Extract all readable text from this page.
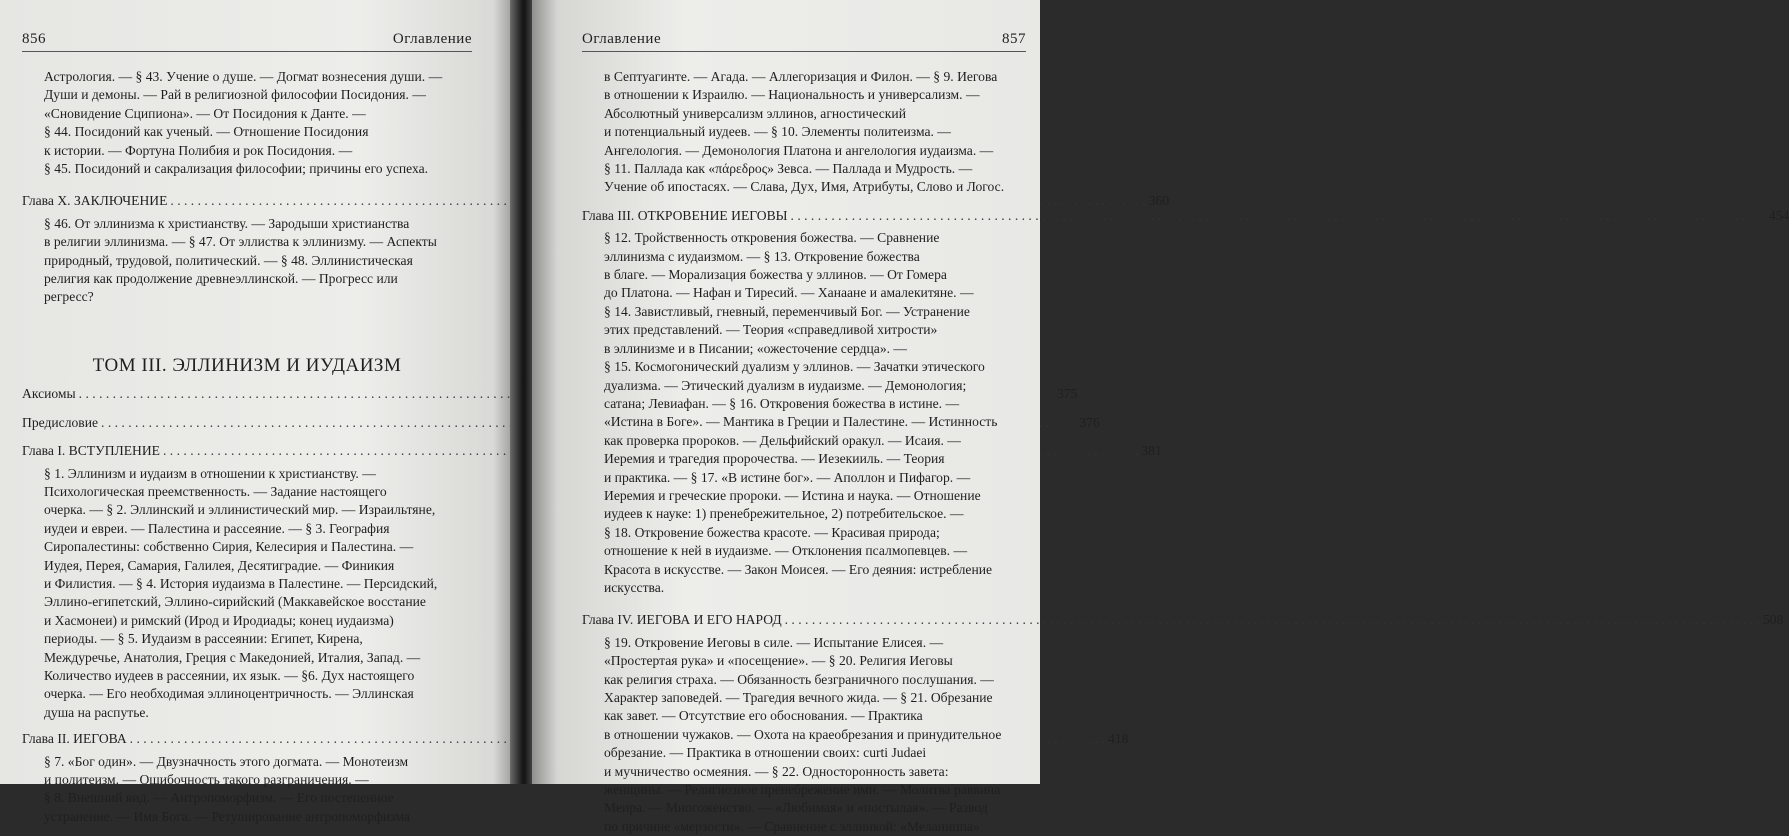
856	Оглавление

Астрология. — § 43. Учение о душе. — Догмат вознесения души. —

Души и демоны. — Рай в религиозной философии Посидония. —

«Сновидение Сципиона». — От Посидония к Данте. —

§ 44. Посидоний как ученый. — Отношение Посидония

к истории. — Фортуна Полибия и рок Посидония. —

§ 45. Посидоний и сакрализация философии; причины его успеха.

Глава X. ЗАКЛЮЧЕНИЕ . . .	360

§ 46. От эллинизма к христианству. — Зародыши христианства

в религии эллинизма. — § 47. От эллиства к эллинизму. — Аспекты

природный, трудовой, политический. — § 48. Эллинистическая

религия как продолжение древнеэллинской. — Прогресс или

регресс?

ТОМ III. ЭЛЛИНИЗМ И ИУДАИЗМ
Аксиомы . . .	375
Предисловие . . .	376
Глава I. ВСТУПЛЕНИЕ . . .	381

§ 1. Эллинизм и иудаизм в отношении к христианству. —

Психологическая преемственность. — Задание настоящего

очерка. — § 2. Эллинский и эллинистический мир. — Израильтяне,

иудеи и евреи. — Палестина и рассеяние. — § 3. География

Сиропалестины: собственно Сирия, Келесирия и Палестина. —

Иудея, Перея, Самария, Галилея, Десятиградие. — Финикия

и Филистия. — § 4. История иудаизма в Палестине. — Персидский,

Эллино-египетский, Эллино-сирийский (Маккавейское восстание

и Хасмонеи) и римский (Ирод и Иродиады; конец иудаизма)

периоды. — § 5. Иудаизм в рассеянии: Египет, Кирена,

Междуречье, Анатолия, Греция с Македонией, Италия, Запад. —

Количество иудеев в рассеянии, их язык. — §6. Дух настоящего

очерка. — Его необходимая эллиноцентричность. — Эллинская

душа на распутье.

Глава II. ИЕГОВА . . .	418

§ 7. «Бог один». — Двузначность этого догмата. — Монотеизм

и политеизм. — Ошибочность такого разграничения. —

§ 8. Внешний вид. — Антропоморфизм. — Его постепенное

устранение. — Имя Бога. — Ретуширование антропоморфизма

Оглавление	857

в Септуагинте. — Агада. — Аллегоризация и Филон. — § 9. Иегова

в отношении к Израилю. — Национальность и универсализм. —

Абсолютный универсализм эллинов, агностический

и потенциальный иудеев. — § 10. Элементы политеизма. —

Ангелология. — Демонология Платона и ангелология иудаизма. —

§ 11. Паллада как «πάρεδρος» Зевса. — Паллада и Мудрость. —

Учение об ипостасях. — Слава, Дух, Имя, Атрибуты, Слово и Логос.

Глава III. ОТКРОВЕНИЕ ИЕГОВЫ . . .	454

§ 12. Тройственность откровения божества. — Сравнение

эллинизма с иудаизмом. — § 13. Откровение божества

в благе. — Морализация божества у эллинов. — От Гомера

до Платона. — Нафан и Тиресий. — Ханаане и амалекитяне. —

§ 14. Завистливый, гневный, переменчивый Бог. — Устранение

этих представлений. — Теория «справедливой хитрости»

в эллинизме и в Писании; «ожесточение сердца». —

§ 15. Космогонический дуализм у эллинов. — Зачатки этического

дуализма. — Этический дуализм в иудаизме. — Демонология;

сатана; Левиафан. — § 16. Откровения божества в истине. —

«Истина в Боге». — Мантика в Греции и Палестине. — Истинность

как проверка пророков. — Дельфийский оракул. — Исаия. —

Иеремия и трагедия пророчества. — Иезекииль. — Теория

и практика. — § 17. «В истине бог». — Аполлон и Пифагор. —

Иеремия и греческие пророки. — Истина и наука. — Отношение

иудеев к науке: 1) пренебрежительное, 2) потребительское. —

§ 18. Откровение божества красоте. — Красивая природа;

отношение к ней в иудаизме. — Отклонения псалмопевцев. —

Красота в искусстве. — Закон Моисея. — Его деяния: истребление

искусства.

Глава IV. ИЕГОВА И ЕГО НАРОД . . .	508

§ 19. Откровение Иеговы в силе. — Испытание Елисея. —

«Простертая рука» и «посещение». — § 20. Религия Иеговы

как религия страха. — Обязанность безграничного послушания. —

Характер заповедей. — Трагедия вечного жида. — § 21. Обрезание

как завет. — Отсутствие его обоснования. — Практика

в отношении чужаков. — Охота на краеобрезания и принудительное

обрезание. — Практика в отношении своих: curti Judaei

и мучничество осмеяния. — § 22. Односторонность завета:

женщины. — Религиозное пренебрежение ими. — Молитва раввина

Меира. — Многоженство. — «Любимая» и «постылая». — Развод

по причине «мерзости». — Сравнение с эллинкой: «Меланиппа»
